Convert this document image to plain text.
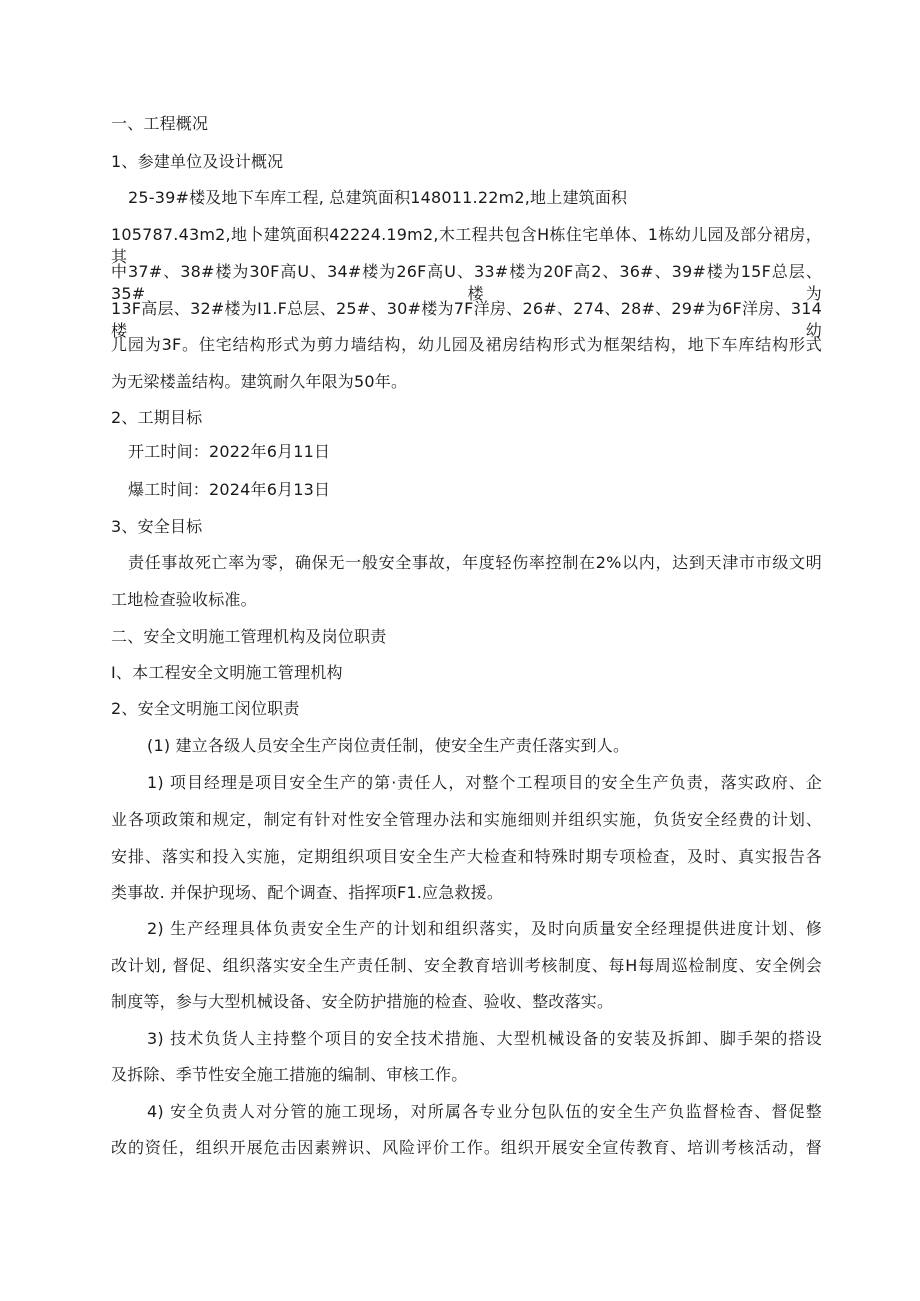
一、工程概况
1、参建单位及设计概况
25-39#楼及地下车库工程, 总建筑面积148011.22m2,地上建筑面积
105787.43m2,地卜建筑面积42224.19m2,木工程共包含H栋住宅单体、1栋幼儿园及部分裙房，其
中37#、38#楼为30F高U、34#楼为26F高U、33#楼为20F高2、36#、39#楼为15F总层、35#楼为
13F高层、32#楼为I1.F总层、25#、30#楼为7F洋房、26#、274、28#、29#为6F洋房、314楼幼
儿园为3F。住宅结构形式为剪力墙结构，幼儿园及裙房结构形式为框架结构，地下车库结构形式
为无梁楼盖结构。建筑耐久年限为50年。
2、工期目标
开工时间：2022年6月11日
爆工时间：2024年6月13日
3、安全目标
责任事故死亡率为零，确保无一般安全事故，年度轻伤率控制在2%以内，达到天津市市级文明
工地检查验收标准。
二、安全文明施工管理机构及岗位职责
I、本工程安全文明施工管理机构
2、安全文明施工闵位职责
(1) 建立各级人员安全生产岗位责任制，使安全生产责任落实到人。
1) 项目经理是项目安全生产的第·责任人，对整个工程项目的安全生产负责，落实政府、企
业各项政策和规定，制定有针对性安全管理办法和实施细则并组织实施，负货安全经费的计划、
安排、落实和投入实施，定期组织项目安全生产大检查和特殊时期专项检查，及时、真实报告各
类事故. 并保护现场、配个调查、指挥项F1.应急救援。
2) 生产经理具体负责安全生产的计划和组织落实，及时向质量安全经理提供进度计划、修
改计划, 督促、组织落实安全生产责任制、安全教育培训考核制度、每H每周巡检制度、安全例会
制度等，参与大型机械设备、安全防护措施的检查、验收、整改落实。
3) 技术负货人主持整个项目的安全技术措施、大型机械设备的安装及拆卸、脚手架的搭设
及拆除、季节性安全施工措施的编制、审核工作。
4) 安全负责人对分管的施工现场，对所属各专业分包队伍的安全生产负监督检杳、督促整
改的资任，组织开展危击因素辨识、风险评价工作。组织开展安全宣传教育、培训考核活动，督
